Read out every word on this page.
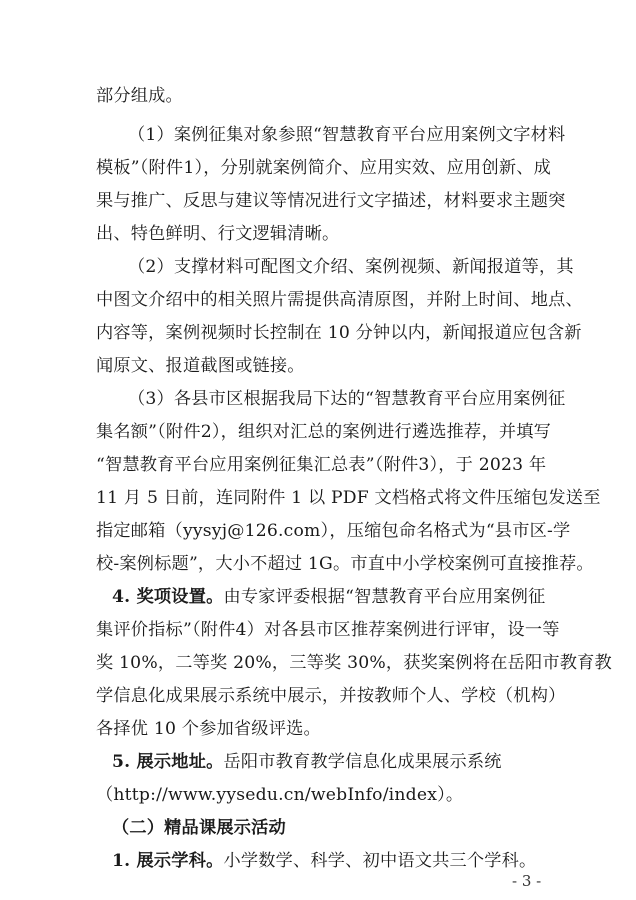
部分组成。
（1）案例征集对象参照“智慧教育平台应用案例文字材料
模板”（附件1），分别就案例简介、应用实效、应用创新、成
果与推广、反思与建议等情况进行文字描述，材料要求主题突
出、特色鲜明、行文逻辑清晰。
（2）支撑材料可配图文介绍、案例视频、新闻报道等，其
中图文介绍中的相关照片需提供高清原图，并附上时间、地点、
内容等，案例视频时长控制在 10 分钟以内，新闻报道应包含新
闻原文、报道截图或链接。
（3）各县市区根据我局下达的“智慧教育平台应用案例征
集名额”（附件2），组织对汇总的案例进行遴选推荐，并填写
“智慧教育平台应用案例征集汇总表”（附件3），于 2023 年
11 月 5 日前，连同附件 1 以 PDF 文档格式将文件压缩包发送至
指定邮箱（yysyj@126.com），压缩包命名格式为“县市区-学
校-案例标题”，大小不超过 1G。市直中小学校案例可直接推荐。
4. 奖项设置。由专家评委根据“智慧教育平台应用案例征
集评价指标”（附件4）对各县市区推荐案例进行评审，设一等
奖 10%，二等奖 20%，三等奖 30%，获奖案例将在岳阳市教育教
学信息化成果展示系统中展示，并按教师个人、学校（机构）
各择优 10 个参加省级评选。
5. 展示地址。岳阳市教育教学信息化成果展示系统
（http://www.yysedu.cn/webInfo/index）。
（二）精品课展示活动
1. 展示学科。小学数学、科学、初中语文共三个学科。
- 3 -
